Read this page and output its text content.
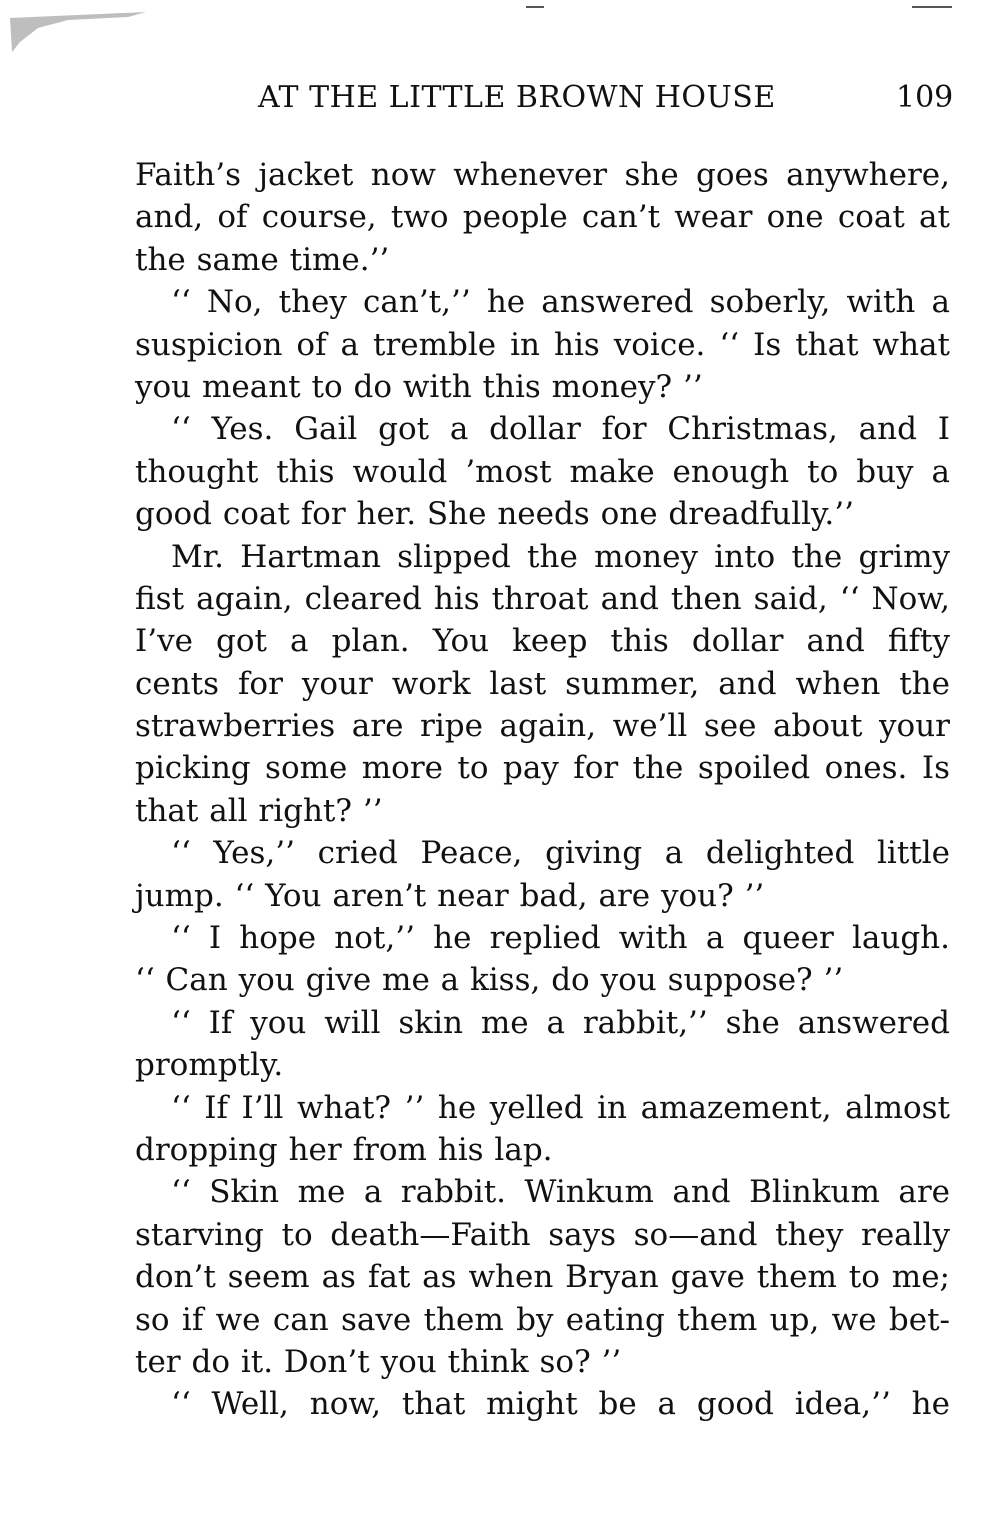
AT THE LITTLE BROWN HOUSE	109
Faith’s jacket now whenever she goes anywhere,
and, of course, two people can’t wear one coat at
the same time.’’
‘‘ No, they can’t,’’ he answered soberly, with a
suspicion of a tremble in his voice. ‘‘ Is that what
you meant to do with this money? ’’
‘‘ Yes. Gail got a dollar for Christmas, and I
thought this would ’most make enough to buy a
good coat for her. She needs one dreadfully.’’
Mr. Hartman slipped the money into the grimy
fist again, cleared his throat and then said, ‘‘ Now,
I’ve got a plan. You keep this dollar and fifty
cents for your work last summer, and when the
strawberries are ripe again, we’ll see about your
picking some more to pay for the spoiled ones. Is
that all right? ’’
‘‘ Yes,’’ cried Peace, giving a delighted little
jump. ‘‘ You aren’t near bad, are you? ’’
‘‘ I hope not,’’ he replied with a queer laugh.
‘‘ Can you give me a kiss, do you suppose? ’’
‘‘ If you will skin me a rabbit,’’ she answered
promptly.
‘‘ If I’ll what? ’’ he yelled in amazement, almost
dropping her from his lap.
‘‘ Skin me a rabbit. Winkum and Blinkum are
starving to death—Faith says so—and they really
don’t seem as fat as when Bryan gave them to me;
so if we can save them by eating them up, we bet-
ter do it. Don’t you think so? ’’
‘‘ Well, now, that might be a good idea,’’ he
